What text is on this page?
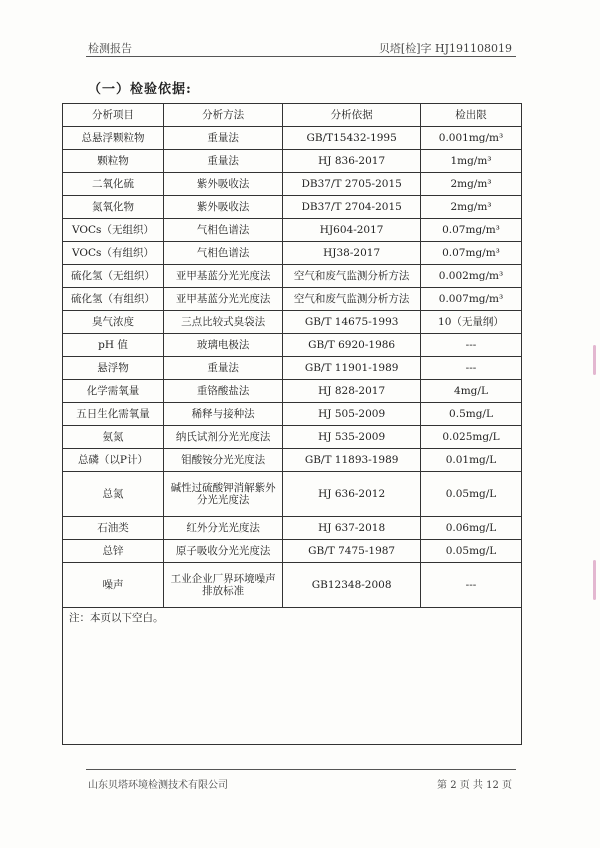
检测报告	贝塔[检]字 HJ191108019
（一）检验依据:
分析项目	分析方法	分析依据	检出限
总悬浮颗粒物	重量法	GB/T15432-1995	0.001mg/m³
颗粒物	重量法	HJ 836-2017	1mg/m³
二氧化硫	紫外吸收法	DB37/T 2705-2015	2mg/m³
氮氧化物	紫外吸收法	DB37/T 2704-2015	2mg/m³
VOCs（无组织）	气相色谱法	HJ604-2017	0.07mg/m³
VOCs（有组织）	气相色谱法	HJ38-2017	0.07mg/m³
硫化氢（无组织）	亚甲基蓝分光光度法	空气和废气监测分析方法	0.002mg/m³
硫化氢（有组织）	亚甲基蓝分光光度法	空气和废气监测分析方法	0.007mg/m³
臭气浓度	三点比较式臭袋法	GB/T 14675-1993	10（无量纲）
pH 值	玻璃电极法	GB/T 6920-1986	---
悬浮物	重量法	GB/T 11901-1989	---
化学需氧量	重铬酸盐法	HJ 828-2017	4mg/L
五日生化需氧量	稀释与接种法	HJ 505-2009	0.5mg/L
氨氮	纳氏试剂分光光度法	HJ 535-2009	0.025mg/L
总磷（以P计）	钼酸铵分光光度法	GB/T 11893-1989	0.01mg/L
总氮	碱性过硫酸钾消解紫外分光光度法	HJ 636-2012	0.05mg/L
石油类	红外分光光度法	HJ 637-2018	0.06mg/L
总锌	原子吸收分光光度法	GB/T 7475-1987	0.05mg/L
噪声	工业企业厂界环境噪声排放标准	GB12348-2008	---
注：本页以下空白。			
山东贝塔环境检测技术有限公司	第 2 页 共 12 页
